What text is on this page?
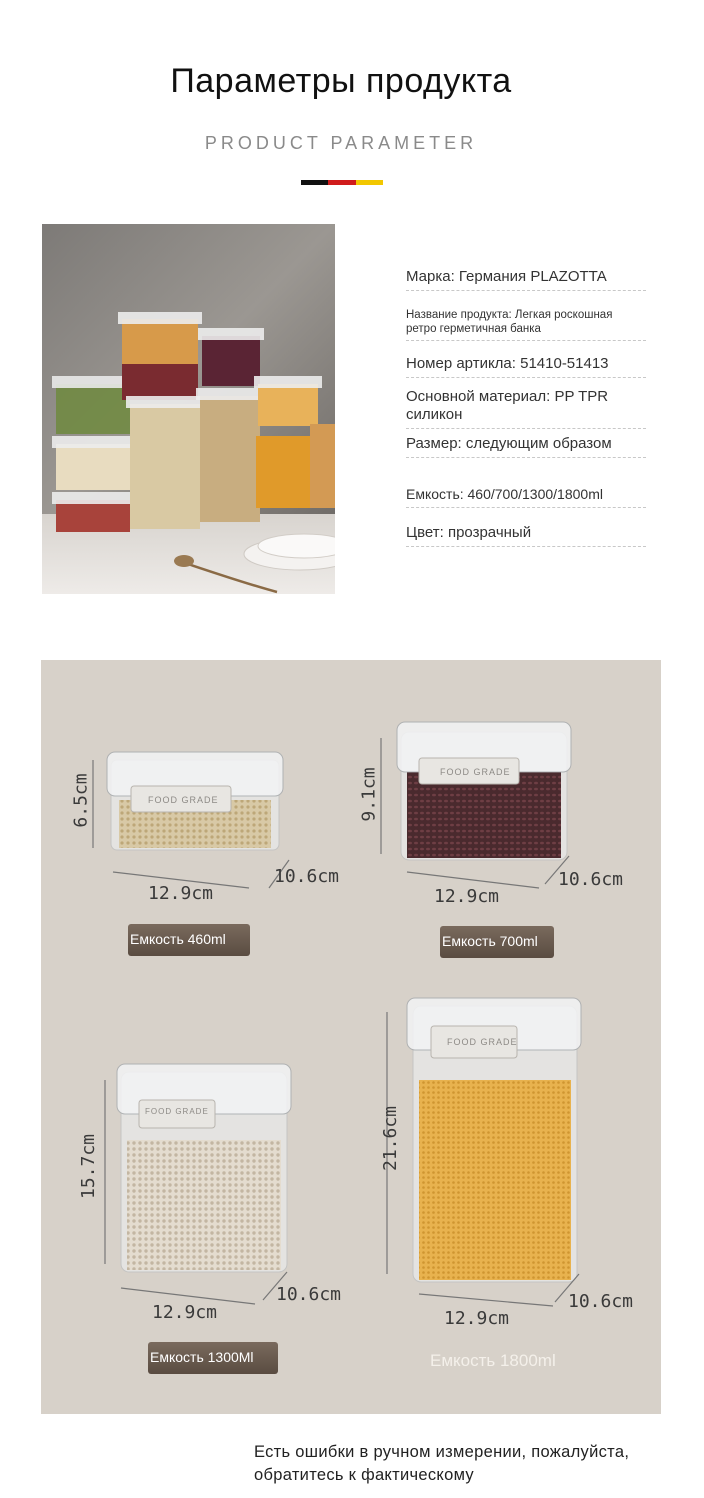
Параметры продукта
PRODUCT PARAMETER
Марка: Германия PLAZOTTA
Название продукта: Легкая роскошная ретро герметичная банка
Номер артикла: 51410-51413
Основной материал: PP TPR силикон
Размер: следующим образом
Емкость: 460/700/1300/1800ml
Цвет: прозрачный
FOOD GRADE
FOOD GRADE
FOOD GRADE
FOOD GRADE
6.5cm
12.9cm
10.6cm
Емкость 460ml
9.1cm
12.9cm
10.6cm
Емкость 700ml
15.7cm
12.9cm
10.6cm
Емкость 1300Ml
21.6cm
12.9cm
10.6cm
Емкость 1800ml
Есть ошибки в ручном измерении, пожалуйста, обратитесь к фактическому
